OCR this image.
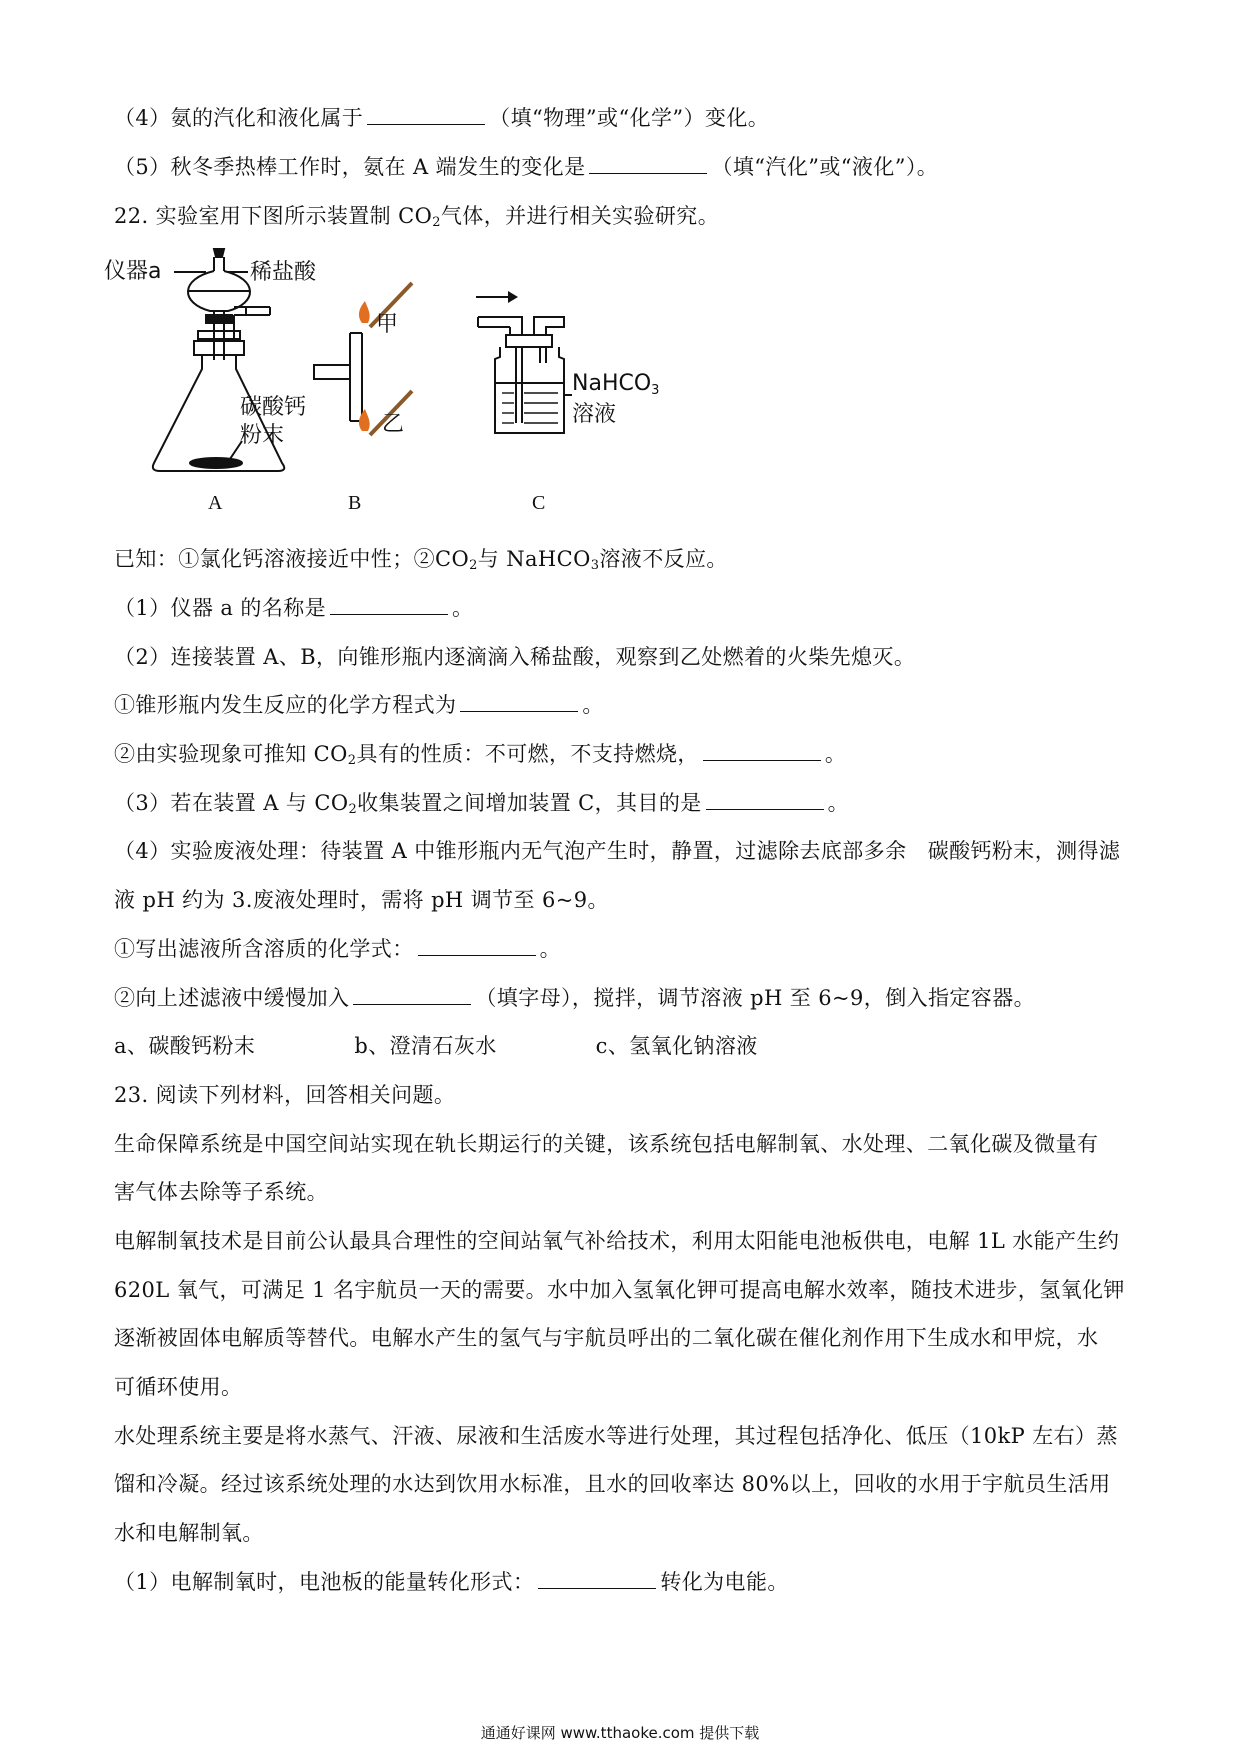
（4）氨的汽化和液化属于	（填“物理”或“化学”）变化。
（5）秋冬季热棒工作时，氨在 A 端发生的变化是	（填“汽化”或“液化”）。
22. 实验室用下图所示装置制 $CO_2$气体，并进行相关实验研究。
仪器a	稀盐酸
碳酸钙
粉末
甲
乙
NaHCO3
溶液
A	B	C
已知：①氯化钙溶液接近中性；$②CO_2$与 NaHCO$_3$溶液不反应。
（1）仪器 a 的名称是	。
（2）连接装置 A、B，向锥形瓶内逐滴滴入稀盐酸，观察到乙处燃着的火柴先熄灭。
①锥形瓶内发生反应的化学方程式为	。
②由实验现象可推知 $CO_2$具有的性质：不可燃，不支持燃烧，	。
（3）若在装置 A 与 $CO_2$收集装置之间增加装置 C，其目的是	。
（4）实验废液处理：待装置 A 中锥形瓶内无气泡产生时，静置，过滤除去底部多余   碳酸钙粉末，测得滤
液 pH 约为 3.废液处理时，需将 pH 调节至 6~9。
①写出滤液所含溶质的化学式：	。
②向上述滤液中缓慢加入	（填字母），搅拌，调节溶液 pH 至 6~9，倒入指定容器。
a、碳酸钙粉末              b、澄清石灰水              c、氢氧化钠溶液
23. 阅读下列材料，回答相关问题。
生命保障系统是中国空间站实现在轨长期运行的关键，该系统包括电解制氧、水处理、二氧化碳及微量有
害气体去除等子系统。
电解制氧技术是目前公认最具合理性的空间站氧气补给技术，利用太阳能电池板供电，电解 1L 水能产生约
620L 氧气，可满足 1 名宇航员一天的需要。水中加入氢氧化钾可提高电解水效率，随技术进步，氢氧化钾
逐渐被固体电解质等替代。电解水产生的氢气与宇航员呼出的二氧化碳在催化剂作用下生成水和甲烷，水
可循环使用。
水处理系统主要是将水蒸气、汗液、尿液和生活废水等进行处理，其过程包括净化、低压（10kP 左右）蒸
馏和冷凝。经过该系统处理的水达到饮用水标准，且水的回收率达 80%以上，回收的水用于宇航员生活用
水和电解制氧。
（1）电解制氧时，电池板的能量转化形式：	转化为电能。
通通好课网 www.tthaoke.com 提供下载
